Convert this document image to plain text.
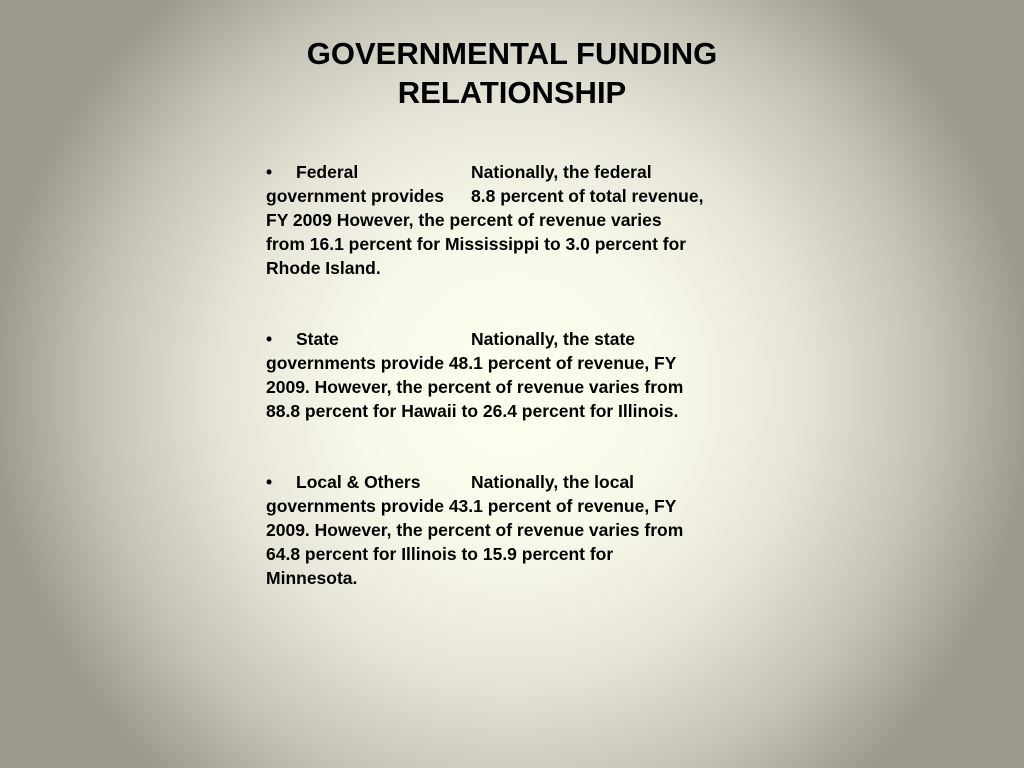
GOVERNMENTAL FUNDING
RELATIONSHIP
• Federal	Nationally, the federal
government provides 8.8 percent of total revenue,
FY 2009 However, the percent of revenue varies
from 16.1 percent for Mississippi to 3.0 percent for
Rhode Island.
• State	Nationally, the state
governments provide 48.1 percent of revenue, FY
2009. However, the percent of revenue varies from
88.8 percent for Hawaii to 26.4 percent for Illinois.
• Local & Others	Nationally, the local
governments provide 43.1 percent of revenue, FY
2009. However, the percent of revenue varies from
64.8 percent for Illinois to 15.9 percent for
Minnesota.
